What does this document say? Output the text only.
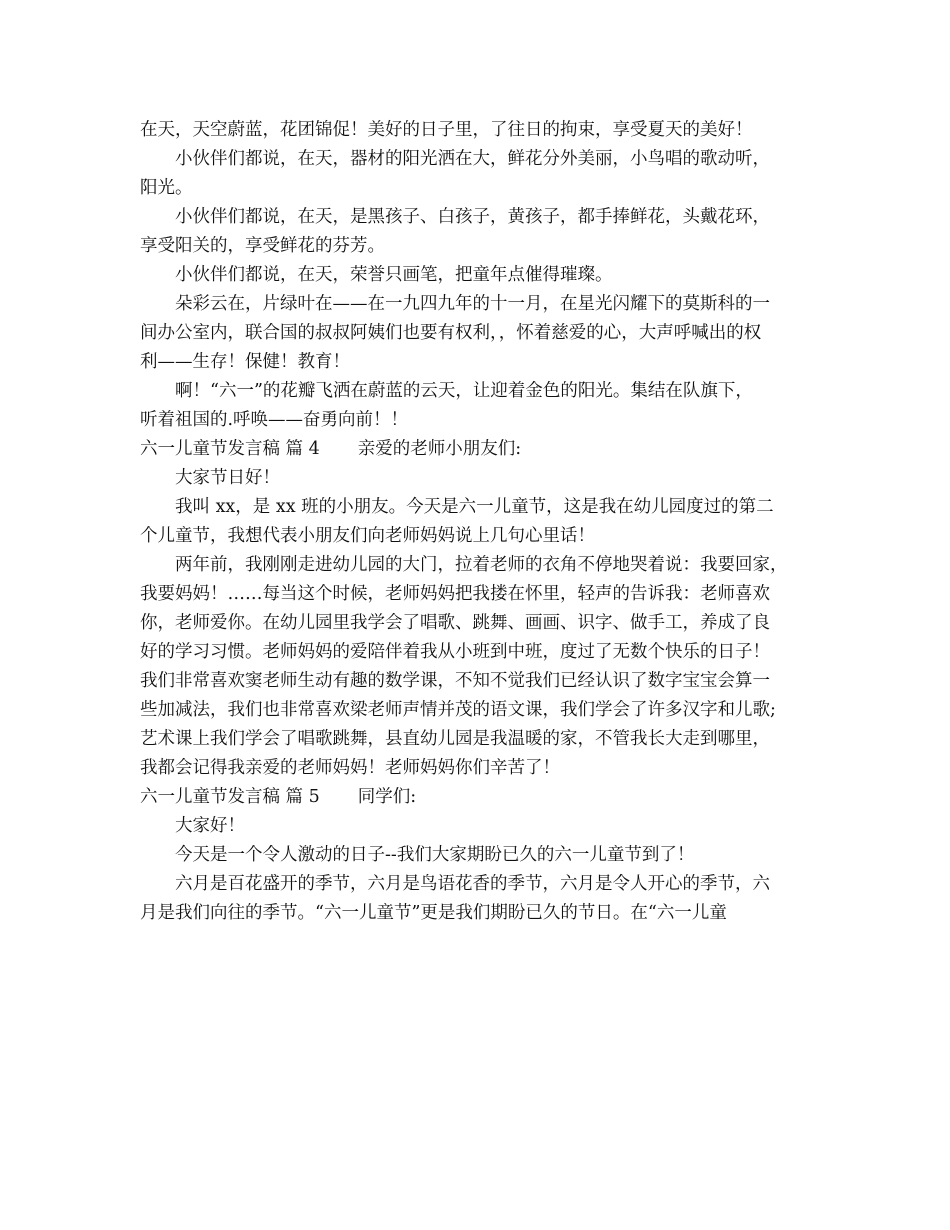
在天，天空蔚蓝，花团锦促！美好的日子里，了往日的拘束，享受夏天的美好！
小伙伴们都说，在天，器材的阳光洒在大，鲜花分外美丽，小鸟唱的歌动听，
阳光。
小伙伴们都说，在天，是黑孩子、白孩子，黄孩子，都手捧鲜花，头戴花环，
享受阳关的，享受鲜花的芬芳。
小伙伴们都说，在天，荣誉只画笔，把童年点催得璀璨。
朵彩云在，片绿叶在——在一九四九年的十一月，在星光闪耀下的莫斯科的一
间办公室内，联合国的叔叔阿姨们也要有权利，，怀着慈爱的心，大声呼喊出的权
利——生存！保健！教育！
啊！“六一”的花瓣飞洒在蔚蓝的云天，让迎着金色的阳光。集结在队旗下，
听着祖国的.呼唤——奋勇向前！！
六一儿童节发言稿 篇 4 亲爱的老师小朋友们:
大家节日好！
我叫 xx，是 xx 班的小朋友。今天是六一儿童节，这是我在幼儿园度过的第二
个儿童节，我想代表小朋友们向老师妈妈说上几句心里话！
两年前，我刚刚走进幼儿园的大门，拉着老师的衣角不停地哭着说：我要回家，
我要妈妈！……每当这个时候，老师妈妈把我搂在怀里，轻声的告诉我：老师喜欢
你，老师爱你。在幼儿园里我学会了唱歌、跳舞、画画、识字、做手工，养成了良
好的学习习惯。老师妈妈的爱陪伴着我从小班到中班，度过了无数个快乐的日子！
我们非常喜欢窦老师生动有趣的数学课，不知不觉我们已经认识了数字宝宝会算一
些加减法，我们也非常喜欢梁老师声情并茂的语文课，我们学会了许多汉字和儿歌;
艺术课上我们学会了唱歌跳舞，县直幼儿园是我温暖的家，不管我长大走到哪里，
我都会记得我亲爱的老师妈妈！老师妈妈你们辛苦了！
六一儿童节发言稿 篇 5 同学们:
大家好！
今天是一个令人激动的日子--我们大家期盼已久的六一儿童节到了！
六月是百花盛开的季节，六月是鸟语花香的季节，六月是令人开心的季节，六
月是我们向往的季节。“六一儿童节”更是我们期盼已久的节日。在“六一儿童
